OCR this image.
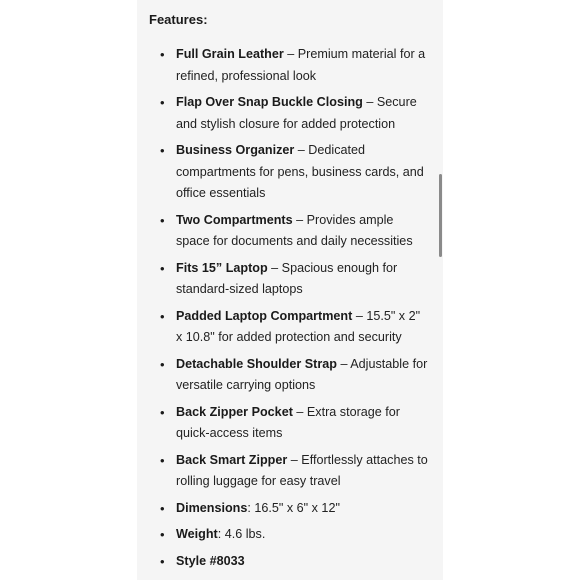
Features:
• Full Grain Leather – Premium material for a refined, professional look
• Flap Over Snap Buckle Closing – Secure and stylish closure for added protection
• Business Organizer – Dedicated compartments for pens, business cards, and office essentials
• Two Compartments – Provides ample space for documents and daily necessities
• Fits 15” Laptop – Spacious enough for standard-sized laptops
• Padded Laptop Compartment – 15.5" x 2" x 10.8" for added protection and security
• Detachable Shoulder Strap – Adjustable for versatile carrying options
• Back Zipper Pocket – Extra storage for quick-access items
• Back Smart Zipper – Effortlessly attaches to rolling luggage for easy travel
• Dimensions: 16.5" x 6" x 12"
• Weight: 4.6 lbs.
• Style #8033
